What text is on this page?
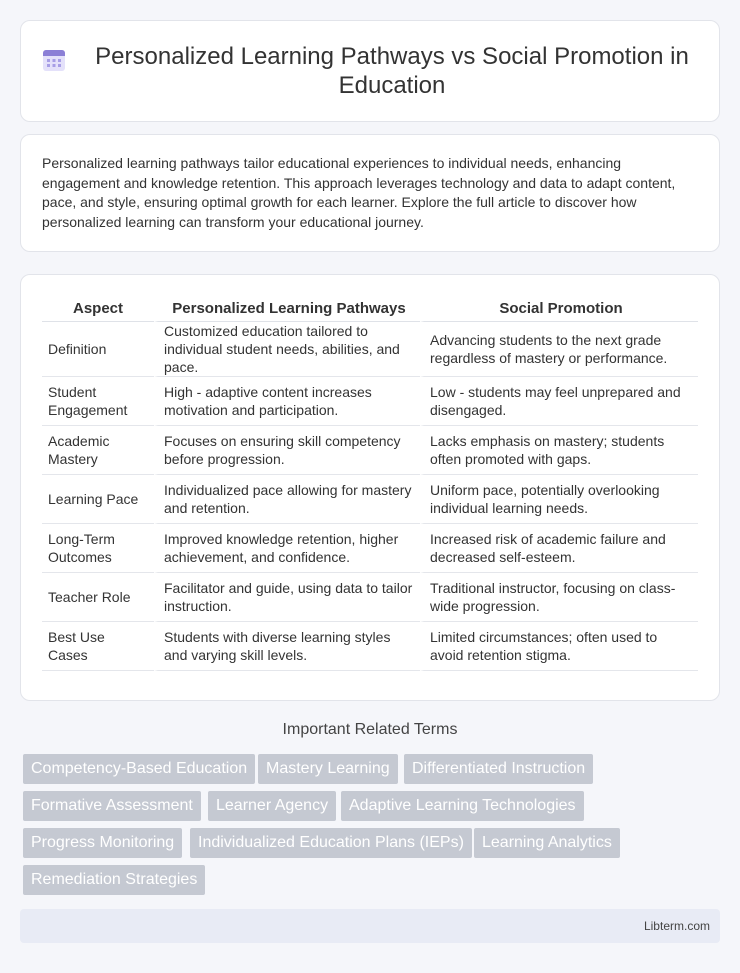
Personalized Learning Pathways vs Social Promotion in Education

Personalized learning pathways tailor educational experiences to individual needs, enhancing engagement and knowledge retention. This approach leverages technology and data to adapt content, pace, and style, ensuring optimal growth for each learner. Explore the full article to discover how personalized learning can transform your educational journey.

Aspect	Personalized Learning Pathways	Social Promotion
Definition	Customized education tailored to individual student needs, abilities, and pace.	Advancing students to the next grade regardless of mastery or performance.
Student Engagement	High - adaptive content increases motivation and participation.	Low - students may feel unprepared and disengaged.
Academic Mastery	Focuses on ensuring skill competency before progression.	Lacks emphasis on mastery; students often promoted with gaps.
Learning Pace	Individualized pace allowing for mastery and retention.	Uniform pace, potentially overlooking individual learning needs.
Long-Term Outcomes	Improved knowledge retention, higher achievement, and confidence.	Increased risk of academic failure and decreased self-esteem.
Teacher Role	Facilitator and guide, using data to tailor instruction.	Traditional instructor, focusing on class-wide progression.
Best Use Cases	Students with diverse learning styles and varying skill levels.	Limited circumstances; often used to avoid retention stigma.
Important Related Terms
Competency-Based Education	Mastery Learning	Differentiated Instruction
Formative Assessment	Learner Agency	Adaptive Learning Technologies
Progress Monitoring	Individualized Education Plans (IEPs)	Learning Analytics
Remediation Strategies
Libterm.com
